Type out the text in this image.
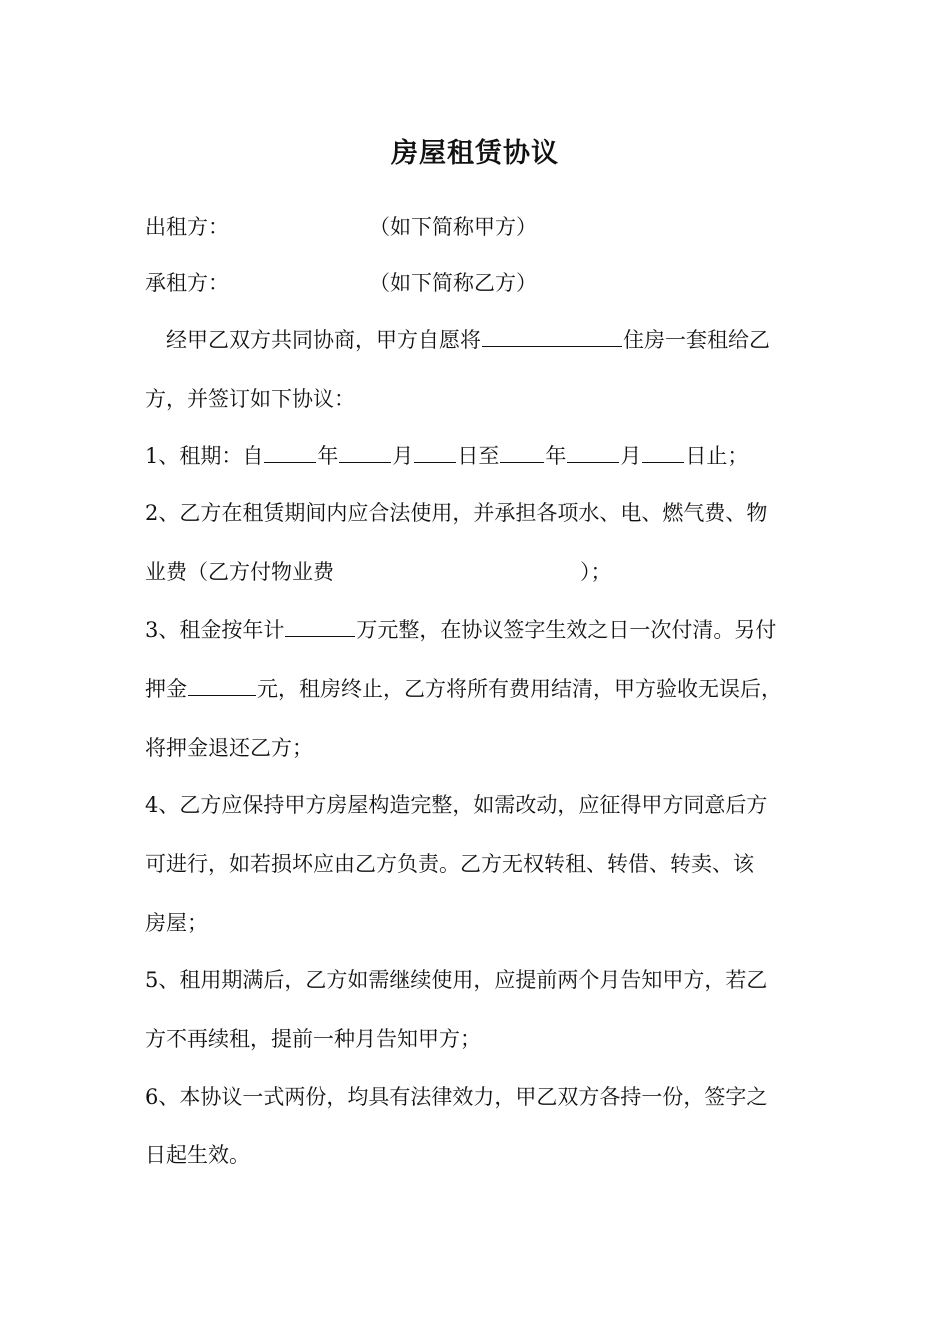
房屋租赁协议
出租方：	（如下简称甲方）
承租方：	（如下简称乙方）
经甲乙双方共同协商，甲方自愿将	住房一套租给乙
方，并签订如下协议：
1、租期：自	年	月 日至 年	月 日止；
2、乙方在租赁期间内应合法使用，并承担各项水、电、燃气费、物
业费（乙方付物业费	）；
3、租金按年计	万元整，在协议签字生效之日一次付清。另付
押金	元，租房终止，乙方将所有费用结清，甲方验收无误后，
将押金退还乙方；
4、乙方应保持甲方房屋构造完整，如需改动，应征得甲方同意后方
可进行，如若损坏应由乙方负责。乙方无权转租、转借、转卖、该
房屋；
5、租用期满后，乙方如需继续使用，应提前两个月告知甲方，若乙
方不再续租，提前一种月告知甲方；
6、本协议一式两份，均具有法律效力，甲乙双方各持一份，签字之
日起生效。
